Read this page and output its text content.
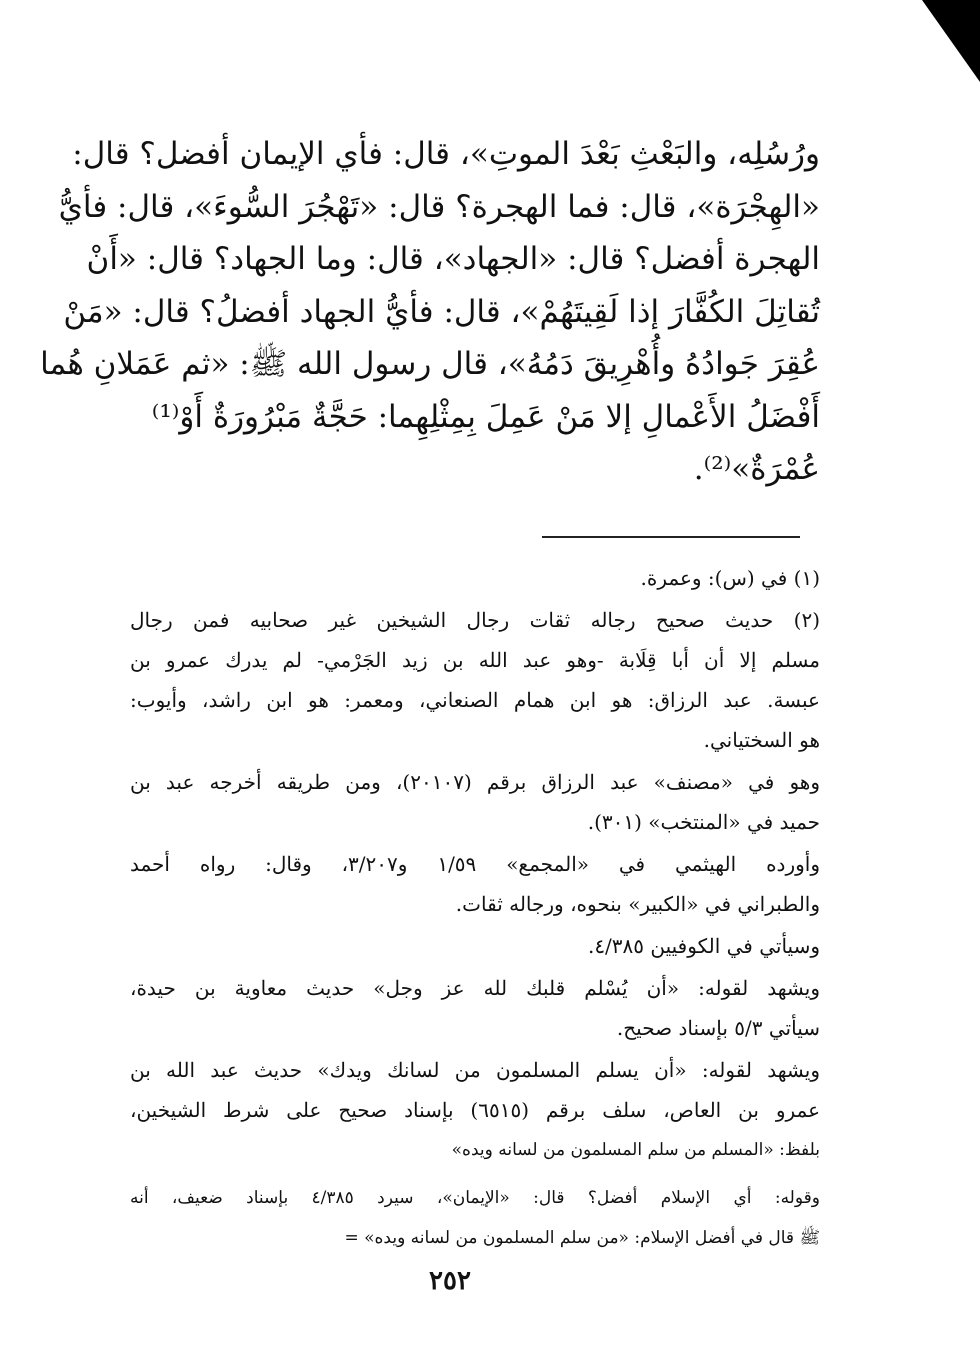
ورُسُلِه، والبَعْثِ بَعْدَ الموتِ»، قال: فأي الإيمان أفضل؟ قال:
«الهِجْرَة»، قال: فما الهجرة؟ قال: «تَهْجُرَ السُّوءَ»، قال: فأيُّ
الهجرة أفضل؟ قال: «الجهاد»، قال: وما الجهاد؟ قال: «أَنْ
تُقاتِلَ الكُفَّارَ إذا لَقِيتَهُمْ»، قال: فأيُّ الجهاد أفضلُ؟ قال: «مَنْ
عُقِرَ جَوادُهُ وأُهْرِيقَ دَمُهُ»، قال رسول الله ﷺ: «ثم عَمَلانِ هُما
أَفْضَلُ الأَعْمالِ إلا مَنْ عَمِلَ بِمِثْلِهِما: حَجَّةٌ مَبْرُورَةٌ أَوْ⁽¹⁾
عُمْرَةٌ»⁽²⁾.
(١) في (س): وعمرة.
(٢) حديث صحيح رجاله ثقات رجال الشيخين غير صحابيه فمن رجال
مسلم إلا أن أبا قِلَابة -وهو عبد الله بن زيد الجَرْمي- لم يدرك عمرو بن
عبسة. عبد الرزاق: هو ابن همام الصنعاني، ومعمر: هو ابن راشد، وأيوب:
هو السختياني.
وهو في «مصنف» عبد الرزاق برقم (٢٠١٠٧)، ومن طريقه أخرجه عبد بن
حميد في «المنتخب» (٣٠١).
وأورده الهيثمي في «المجمع» ١/٥٩ و٣/٢٠٧، وقال: رواه أحمد
والطبراني في «الكبير» بنحوه، ورجاله ثقات.
وسيأتي في الكوفيين ٤/٣٨٥.
ويشهد لقوله: «أن يُسْلم قلبك لله عز وجل» حديث معاوية بن حيدة،
سيأتي ٥/٣ بإسناد صحيح.
ويشهد لقوله: «أن يسلم المسلمون من لسانك ويدك» حديث عبد الله بن
عمرو بن العاص، سلف برقم (٦٥١٥) بإسناد صحيح على شرط الشيخين،
بلفظ: «المسلم من سلم المسلمون من لسانه ويده»
وقوله: أي الإسلام أفضل؟ قال: «الإيمان»، سيرد ٤/٣٨٥ بإسناد ضعيف، أنه
ﷺ قال في أفضل الإسلام: «من سلم المسلمون من لسانه ويده» =
٢٥٢
